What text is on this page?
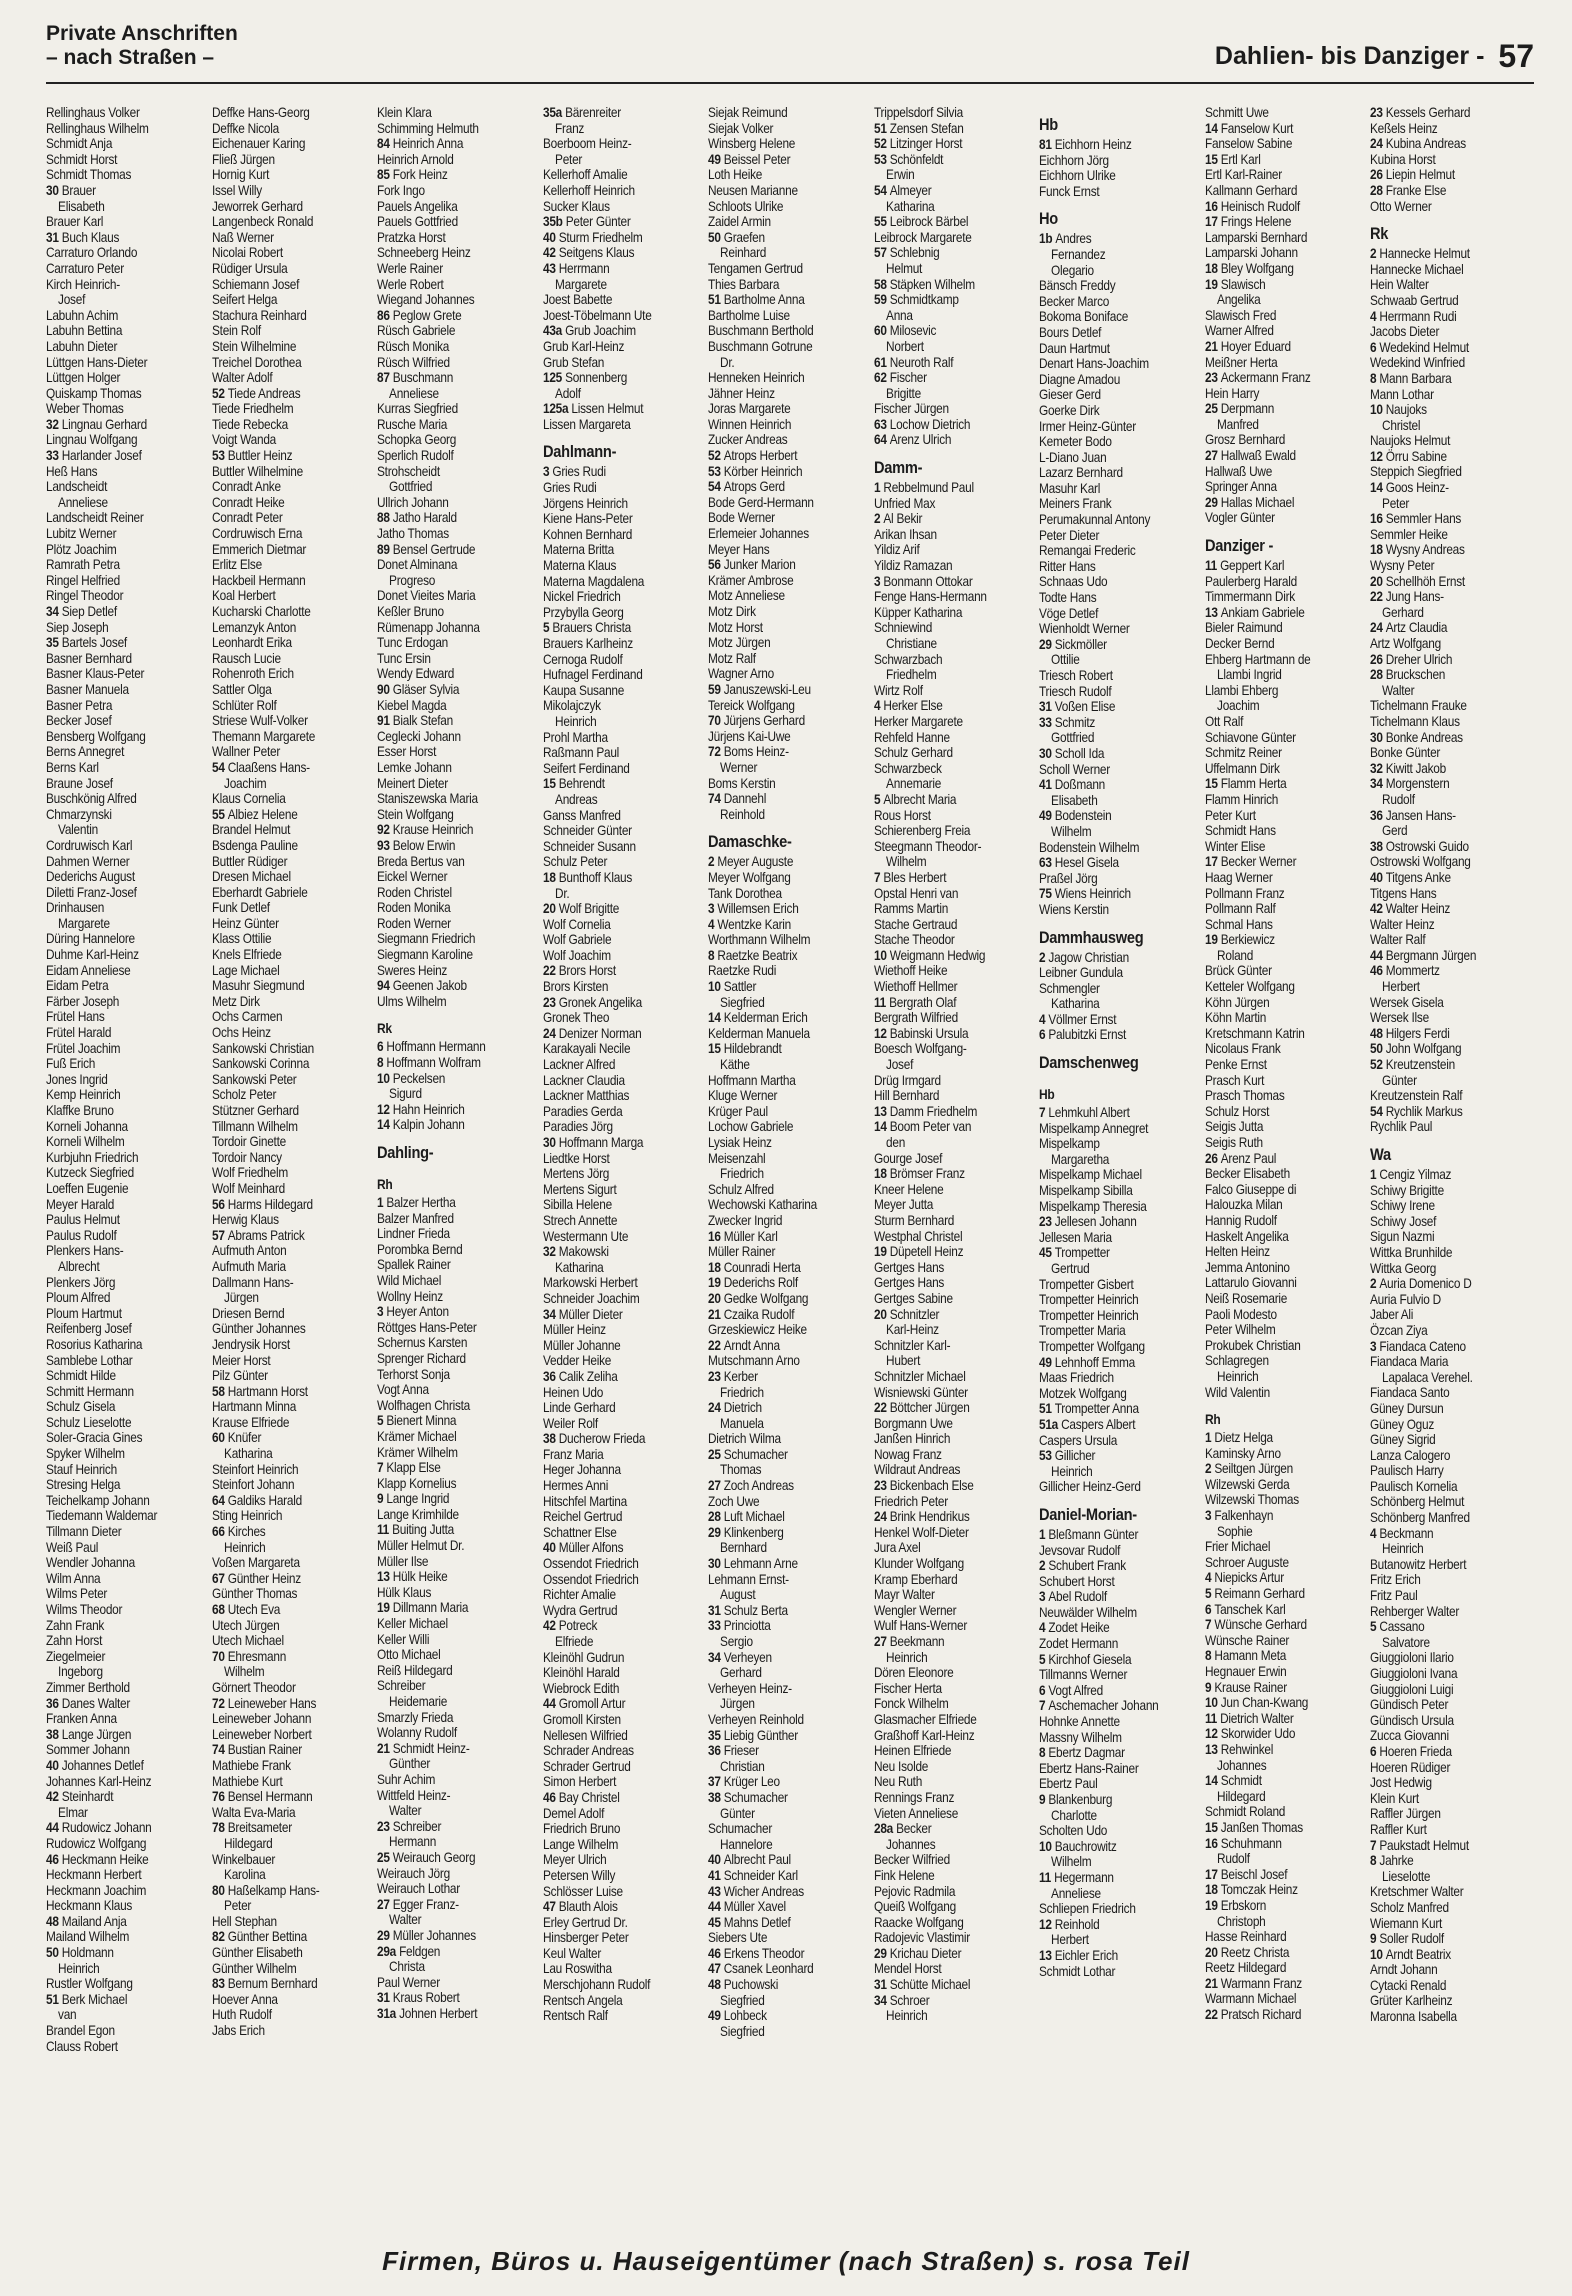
Private Anschriften
– nach Straßen –	Dahlien- bis Danziger - 57
Rellinghaus Volker
Rellinghaus Wilhelm
Schmidt Anja
Schmidt Horst
Schmidt Thomas
30 Brauer
Elisabeth
Brauer Karl
31 Buch Klaus
Carraturo Orlando
Carraturo Peter
Kirch Heinrich-
Josef
Labuhn Achim
Labuhn Bettina
Labuhn Dieter
Lüttgen Hans-Dieter
Lüttgen Holger
Quiskamp Thomas
Weber Thomas
32 Lingnau Gerhard
Lingnau Wolfgang
33 Harlander Josef
Heß Hans
Landscheidt
Anneliese
Landscheidt Reiner
Lubitz Werner
Plötz Joachim
Ramrath Petra
Ringel Helfried
Ringel Theodor
34 Siep Detlef
Siep Joseph
35 Bartels Josef
Basner Bernhard
Basner Klaus-Peter
Basner Manuela
Basner Petra
Becker Josef
Bensberg Wolfgang
Berns Annegret
Berns Karl
Braune Josef
Buschkönig Alfred
Chmarzynski
Valentin
Cordruwisch Karl
Dahmen Werner
Dederichs August
Diletti Franz-Josef
Drinhausen
Margarete
Düring Hannelore
Duhme Karl-Heinz
Eidam Anneliese
Eidam Petra
Färber Joseph
Frütel Hans
Frütel Harald
Frütel Joachim
Fuß Erich
Jones Ingrid
Kemp Heinrich
Klaffke Bruno
Korneli Johanna
Korneli Wilhelm
Kurbjuhn Friedrich
Kutzeck Siegfried
Loeffen Eugenie
Meyer Harald
Paulus Helmut
Paulus Rudolf
Plenkers Hans-
Albrecht
Plenkers Jörg
Ploum Alfred
Ploum Hartmut
Reifenberg Josef
Rosorius Katharina
Samblebe Lothar
Schmidt Hilde
Schmitt Hermann
Schulz Gisela
Schulz Lieselotte
Soler-Gracia Gines
Spyker Wilhelm
Stauf Heinrich
Stresing Helga
Teichelkamp Johann
Tiedemann Waldemar
Tillmann Dieter
Weiß Paul
Wendler Johanna
Wilm Anna
Wilms Peter
Wilms Theodor
Zahn Frank
Zahn Horst
Ziegelmeier
Ingeborg
Zimmer Berthold
36 Danes Walter
Franken Anna
38 Lange Jürgen
Sommer Johann
40 Johannes Detlef
Johannes Karl-Heinz
42 Steinhardt
Elmar
44 Rudowicz Johann
Rudowicz Wolfgang
46 Heckmann Heike
Heckmann Herbert
Heckmann Joachim
Heckmann Klaus
48 Mailand Anja
Mailand Wilhelm
50 Holdmann
Heinrich
Rustler Wolfgang
51 Berk Michael
van
Brandel Egon
Clauss Robert
Deffke Hans-Georg
Deffke Nicola
Eichenauer Karing
Fließ Jürgen
Hornig Kurt
Issel Willy
Jeworrek Gerhard
Langenbeck Ronald
Naß Werner
Nicolai Robert
Rüdiger Ursula
Schiemann Josef
Seifert Helga
Stachura Reinhard
Stein Rolf
Stein Wilhelmine
Treichel Dorothea
Walter Adolf
52 Tiede Andreas
Tiede Friedhelm
Tiede Rebecka
Voigt Wanda
53 Buttler Heinz
Buttler Wilhelmine
Conradt Anke
Conradt Heike
Conradt Peter
Cordruwisch Erna
Emmerich Dietmar
Erlitz Else
Hackbeil Hermann
Koal Herbert
Kucharski Charlotte
Lemanzyk Anton
Leonhardt Erika
Rausch Lucie
Rohenroth Erich
Sattler Olga
Schlüter Rolf
Striese Wulf-Volker
Themann Margarete
Wallner Peter
54 Claaßens Hans-
Joachim
Klaus Cornelia
55 Albiez Helene
Brandel Helmut
Bsdenga Pauline
Buttler Rüdiger
Dresen Michael
Eberhardt Gabriele
Funk Detlef
Heinz Günter
Klass Ottilie
Knels Elfriede
Lage Michael
Masuhr Siegmund
Metz Dirk
Ochs Carmen
Ochs Heinz
Sankowski Christian
Sankowski Corinna
Sankowski Peter
Scholz Peter
Stützner Gerhard
Tillmann Wilhelm
Tordoir Ginette
Tordoir Nancy
Wolf Friedhelm
Wolf Meinhard
56 Harms Hildegard
Herwig Klaus
57 Abrams Patrick
Aufmuth Anton
Aufmuth Maria
Dallmann Hans-
Jürgen
Driesen Bernd
Günther Johannes
Jendrysik Horst
Meier Horst
Pilz Günter
58 Hartmann Horst
Hartmann Minna
Krause Elfriede
60 Knüfer
Katharina
Steinfort Heinrich
Steinfort Johann
64 Galdiks Harald
Sting Heinrich
66 Kirches
Heinrich
Voßen Margareta
67 Günther Heinz
Günther Thomas
68 Utech Eva
Utech Jürgen
Utech Michael
70 Ehresmann
Wilhelm
Görnert Theodor
72 Leineweber Hans
Leineweber Johann
Leineweber Norbert
74 Bustian Rainer
Mathiebe Frank
Mathiebe Kurt
76 Bensel Hermann
Walta Eva-Maria
78 Breitsameter
Hildegard
Winkelbauer
Karolina
80 Haßelkamp Hans-
Peter
Hell Stephan
82 Günther Bettina
Günther Elisabeth
Günther Wilhelm
83 Bernum Bernhard
Hoever Anna
Huth Rudolf
Jabs Erich
Klein Klara
Schimming Helmuth
84 Heinrich Anna
Heinrich Arnold
85 Fork Heinz
Fork Ingo
Pauels Angelika
Pauels Gottfried
Pratzka Horst
Schneeberg Heinz
Werle Rainer
Werle Robert
Wiegand Johannes
86 Peglow Grete
Rüsch Gabriele
Rüsch Monika
Rüsch Wilfried
87 Buschmann
Anneliese
Kurras Siegfried
Rusche Maria
Schopka Georg
Sperlich Rudolf
Strohscheidt
Gottfried
Ullrich Johann
88 Jatho Harald
Jatho Thomas
89 Bensel Gertrude
Donet Alminana
Progreso
Donet Vieites Maria
Keßler Bruno
Rümenapp Johanna
Tunc Erdogan
Tunc Ersin
Wendy Edward
90 Gläser Sylvia
Kiebel Magda
91 Bialk Stefan
Ceglecki Johann
Esser Horst
Lemke Johann
Meinert Dieter
Staniszewska Maria
Stein Wolfgang
92 Krause Heinrich
93 Below Erwin
Breda Bertus van
Eickel Werner
Roden Christel
Roden Monika
Roden Werner
Siegmann Friedrich
Siegmann Karoline
Sweres Heinz
94 Geenen Jakob
Ulms Wilhelm
Rk
6 Hoffmann Hermann
8 Hoffmann Wolfram
10 Peckelsen
Sigurd
12 Hahn Heinrich
14 Kalpin Johann
Dahling-
Rh
1 Balzer Hertha
Balzer Manfred
Lindner Frieda
Porombka Bernd
Spallek Rainer
Wild Michael
Wollny Heinz
3 Heyer Anton
Röttges Hans-Peter
Schernus Karsten
Sprenger Richard
Terhorst Sonja
Vogt Anna
Wolfhagen Christa
5 Bienert Minna
Krämer Michael
Krämer Wilhelm
7 Klapp Else
Klapp Kornelius
9 Lange Ingrid
Lange Krimhilde
11 Buiting Jutta
Müller Helmut Dr.
Müller Ilse
13 Hülk Heike
Hülk Klaus
19 Dillmann Maria
Keller Michael
Keller Willi
Otto Michael
Reiß Hildegard
Schreiber
Heidemarie
Smarzly Frieda
Wolanny Rudolf
21 Schmidt Heinz-
Günther
Suhr Achim
Wittfeld Heinz-
Walter
23 Schreiber
Hermann
25 Weirauch Georg
Weirauch Jörg
Weirauch Lothar
27 Egger Franz-
Walter
29 Müller Johannes
29a Feldgen
Christa
Paul Werner
31 Kraus Robert
31a Johnen Herbert
35a Bärenreiter
Franz
Boerboom Heinz-
Peter
Kellerhoff Amalie
Kellerhoff Heinrich
Sucker Klaus
35b Peter Günter
40 Sturm Friedhelm
42 Seitgens Klaus
43 Herrmann
Margarete
Joest Babette
Joest-Töbelmann Ute
43a Grub Joachim
Grub Karl-Heinz
Grub Stefan
125 Sonnenberg
Adolf
125a Lissen Helmut
Lissen Margareta
Dahlmann-
3 Gries Rudi
Gries Rudi
Jörgens Heinrich
Kiene Hans-Peter
Kohnen Bernhard
Materna Britta
Materna Klaus
Materna Magdalena
Nickel Friedrich
Przybylla Georg
5 Brauers Christa
Brauers Karlheinz
Cernoga Rudolf
Hufnagel Ferdinand
Kaupa Susanne
Mikolajczyk
Heinrich
Prohl Martha
Raßmann Paul
Seifert Ferdinand
15 Behrendt
Andreas
Ganss Manfred
Schneider Günter
Schneider Susann
Schulz Peter
18 Bunthoff Klaus
Dr.
20 Wolf Brigitte
Wolf Cornelia
Wolf Gabriele
Wolf Joachim
22 Brors Horst
Brors Kirsten
23 Gronek Angelika
Gronek Theo
24 Denizer Norman
Karakayali Necile
Lackner Alfred
Lackner Claudia
Lackner Matthias
Paradies Gerda
Paradies Jörg
30 Hoffmann Marga
Liedtke Horst
Mertens Jörg
Mertens Sigurt
Sibilla Helene
Strech Annette
Westermann Ute
32 Makowski
Katharina
Markowski Herbert
Schneider Joachim
34 Müller Dieter
Müller Heinz
Müller Johanne
Vedder Heike
36 Calik Zeliha
Heinen Udo
Linde Gerhard
Weiler Rolf
38 Ducherow Frieda
Franz Maria
Heger Johanna
Hermes Anni
Hitschfel Martina
Reichel Gertrud
Schattner Else
40 Müller Alfons
Ossendot Friedrich
Ossendot Friedrich
Richter Amalie
Wydra Gertrud
42 Potreck
Elfriede
Kleinöhl Gudrun
Kleinöhl Harald
Wiebrock Edith
44 Gromoll Artur
Gromoll Kirsten
Nellesen Wilfried
Schrader Andreas
Schrader Gertrud
Simon Herbert
46 Bay Christel
Demel Adolf
Friedrich Bruno
Lange Wilhelm
Meyer Ulrich
Petersen Willy
Schlösser Luise
47 Blauth Alois
Erley Gertrud Dr.
Hinsberger Peter
Keul Walter
Lau Roswitha
Merschjohann Rudolf
Rentsch Angela
Rentsch Ralf
Siejak Reimund
Siejak Volker
Winsberg Helene
49 Beissel Peter
Loth Heike
Neusen Marianne
Schloots Ulrike
Zaidel Armin
50 Graefen
Reinhard
Tengamen Gertrud
Thies Barbara
51 Bartholme Anna
Bartholme Luise
Buschmann Berthold
Buschmann Gotrune
Dr.
Henneken Heinrich
Jähner Heinz
Joras Margarete
Winnen Heinrich
Zucker Andreas
52 Atrops Herbert
53 Körber Heinrich
54 Atrops Gerd
Bode Gerd-Hermann
Bode Werner
Erlemeier Johannes
Meyer Hans
56 Junker Marion
Krämer Ambrose
Motz Anneliese
Motz Dirk
Motz Horst
Motz Jürgen
Motz Ralf
Wagner Arno
59 Januszewski-Leu
Tereick Wolfgang
70 Jürjens Gerhard
Jürjens Kai-Uwe
72 Boms Heinz-
Werner
Boms Kerstin
74 Dannehl
Reinhold
Damaschke-
2 Meyer Auguste
Meyer Wolfgang
Tank Dorothea
3 Willemsen Erich
4 Wentzke Karin
Worthmann Wilhelm
8 Raetzke Beatrix
Raetzke Rudi
10 Sattler
Siegfried
14 Kelderman Erich
Kelderman Manuela
15 Hildebrandt
Käthe
Hoffmann Martha
Kluge Werner
Krüger Paul
Lochow Gabriele
Lysiak Heinz
Meisenzahl
Friedrich
Schulz Alfred
Wechowski Katharina
Zwecker Ingrid
16 Müller Karl
Müller Rainer
18 Counradi Herta
19 Dederichs Rolf
20 Gedke Wolfgang
21 Czaika Rudolf
Grzeskiewicz Heike
22 Arndt Anna
Mutschmann Arno
23 Kerber
Friedrich
24 Dietrich
Manuela
Dietrich Wilma
25 Schumacher
Thomas
27 Zoch Andreas
Zoch Uwe
28 Luft Michael
29 Klinkenberg
Bernhard
30 Lehmann Arne
Lehmann Ernst-
August
31 Schulz Berta
33 Princiotta
Sergio
34 Verheyen
Gerhard
Verheyen Heinz-
Jürgen
Verheyen Reinhold
35 Liebig Günther
36 Frieser
Christian
37 Krüger Leo
38 Schumacher
Günter
Schumacher
Hannelore
40 Albrecht Paul
41 Schneider Karl
43 Wicher Andreas
44 Müller Xavel
45 Mahns Detlef
Siebers Ute
46 Erkens Theodor
47 Csanek Leonhard
48 Puchowski
Siegfried
49 Lohbeck
Siegfried
Trippelsdorf Silvia
51 Zensen Stefan
52 Litzinger Horst
53 Schönfeldt
Erwin
54 Almeyer
Katharina
55 Leibrock Bärbel
Leibrock Margarete
57 Schlebnig
Helmut
58 Stäpken Wilhelm
59 Schmidtkamp
Anna
60 Milosevic
Norbert
61 Neuroth Ralf
62 Fischer
Brigitte
Fischer Jürgen
63 Lochow Dietrich
64 Arenz Ulrich
Damm-
1 Rebbelmund Paul
Unfried Max
2 Al Bekir
Arikan Ihsan
Yildiz Arif
Yildiz Ramazan
3 Bonmann Ottokar
Fenge Hans-Hermann
Küpper Katharina
Schniewind
Christiane
Schwarzbach
Friedhelm
Wirtz Rolf
4 Herker Else
Herker Margarete
Rehfeld Hanne
Schulz Gerhard
Schwarzbeck
Annemarie
5 Albrecht Maria
Rous Horst
Schierenberg Freia
Steegmann Theodor-
Wilhelm
7 Bles Herbert
Opstal Henri van
Ramms Martin
Stache Gertraud
Stache Theodor
10 Weigmann Hedwig
Wiethoff Heike
Wiethoff Hellmer
11 Bergrath Olaf
Bergrath Wilfried
12 Babinski Ursula
Boesch Wolfgang-
Josef
Drüg Irmgard
Hill Bernhard
13 Damm Friedhelm
14 Boom Peter van
den
Gourge Josef
18 Brömser Franz
Kneer Helene
Meyer Jutta
Sturm Bernhard
Westphal Christel
19 Düpetell Heinz
Gertges Hans
Gertges Hans
Gertges Sabine
20 Schnitzler
Karl-Heinz
Schnitzler Karl-
Hubert
Schnitzler Michael
Wisniewski Günter
22 Böttcher Jürgen
Borgmann Uwe
Janßen Hinrich
Nowag Franz
Wildraut Andreas
23 Bickenbach Else
Friedrich Peter
24 Brink Hendrikus
Henkel Wolf-Dieter
Jura Axel
Klunder Wolfgang
Kramp Eberhard
Mayr Walter
Wengler Werner
Wulf Hans-Werner
27 Beekmann
Heinrich
Dören Eleonore
Fischer Herta
Fonck Wilhelm
Glasmacher Elfriede
Graßhoff Karl-Heinz
Heinen Elfriede
Neu Isolde
Neu Ruth
Rennings Franz
Vieten Anneliese
28a Becker
Johannes
Becker Wilfried
Fink Helene
Pejovic Radmila
Queiß Wolfgang
Raacke Wolfgang
Radojevic Vlastimir
29 Krichau Dieter
Mendel Horst
31 Schütte Michael
34 Schroer
Heinrich
Hb
81 Eichhorn Heinz
Eichhorn Jörg
Eichhorn Ulrike
Funck Ernst
Ho
1b Andres
Fernandez
Olegario
Bänsch Freddy
Becker Marco
Bokoma Boniface
Bours Detlef
Daun Hartmut
Denart Hans-Joachim
Diagne Amadou
Gieser Gerd
Goerke Dirk
Irmer Heinz-Günter
Kemeter Bodo
L-Diano Juan
Lazarz Bernhard
Masuhr Karl
Meiners Frank
Perumakunnal Antony
Peter Dieter
Remangai Frederic
Ritter Hans
Schnaas Udo
Todte Hans
Vöge Detlef
Wienholdt Werner
29 Sickmöller
Ottilie
Triesch Robert
Triesch Rudolf
31 Voßen Elise
33 Schmitz
Gottfried
30 Scholl Ida
Scholl Werner
41 Doßmann
Elisabeth
49 Bodenstein
Wilhelm
Bodenstein Wilhelm
63 Hesel Gisela
Praßel Jörg
75 Wiens Heinrich
Wiens Kerstin
Dammhausweg
2 Jagow Christian
Leibner Gundula
Schmengler
Katharina
4 Völlmer Ernst
6 Palubitzki Ernst
Damschenweg
Hb
7 Lehmkuhl Albert
Mispelkamp Annegret
Mispelkamp
Margaretha
Mispelkamp Michael
Mispelkamp Sibilla
Mispelkamp Theresia
23 Jellesen Johann
Jellesen Maria
45 Trompetter
Gertrud
Trompetter Gisbert
Trompetter Heinrich
Trompetter Heinrich
Trompetter Maria
Trompetter Wolfgang
49 Lehnhoff Emma
Maas Friedrich
Motzek Wolfgang
51 Trompetter Anna
51a Caspers Albert
Caspers Ursula
53 Gillicher
Heinrich
Gillicher Heinz-Gerd
Daniel-Morian-
1 Bleßmann Günter
Jevsovar Rudolf
2 Schubert Frank
Schubert Horst
3 Abel Rudolf
Neuwälder Wilhelm
4 Zodet Heike
Zodet Hermann
5 Kirchhof Giesela
Tillmanns Werner
6 Vogt Alfred
7 Aschemacher Johann
Hohnke Annette
Massny Wilhelm
8 Ebertz Dagmar
Ebertz Hans-Rainer
Ebertz Paul
9 Blankenburg
Charlotte
Scholten Udo
10 Bauchrowitz
Wilhelm
11 Hegermann
Anneliese
Schliepen Friedrich
12 Reinhold
Herbert
13 Eichler Erich
Schmidt Lothar
Schmitt Uwe
14 Fanselow Kurt
Fanselow Sabine
15 Ertl Karl
Ertl Karl-Rainer
Kallmann Gerhard
16 Heinisch Rudolf
17 Frings Helene
Lamparski Bernhard
Lamparski Johann
18 Bley Wolfgang
19 Slawisch
Angelika
Slawisch Fred
Warner Alfred
21 Hoyer Eduard
Meißner Herta
23 Ackermann Franz
Hein Harry
25 Derpmann
Manfred
Grosz Bernhard
27 Hallwaß Ewald
Hallwaß Uwe
Springer Anna
29 Hallas Michael
Vogler Günter
Danziger -
11 Geppert Karl
Paulerberg Harald
Timmermann Dirk
13 Ankiam Gabriele
Bieler Raimund
Decker Bernd
Ehberg Hartmann de
Llambi Ingrid
Llambi Ehberg
Joachim
Ott Ralf
Schiavone Günter
Schmitz Reiner
Uffelmann Dirk
15 Flamm Herta
Flamm Hinrich
Peter Kurt
Schmidt Hans
Winter Elise
17 Becker Werner
Haag Werner
Pollmann Franz
Pollmann Ralf
Schmal Hans
19 Berkiewicz
Roland
Brück Günter
Ketteler Wolfgang
Köhn Jürgen
Köhn Martin
Kretschmann Katrin
Nicolaus Frank
Penke Ernst
Prasch Kurt
Prasch Thomas
Schulz Horst
Seigis Jutta
Seigis Ruth
26 Arenz Paul
Becker Elisabeth
Falco Giuseppe di
Halouzka Milan
Hannig Rudolf
Haskelt Angelika
Helten Heinz
Jemma Antonino
Lattarulo Giovanni
Neiß Rosemarie
Paoli Modesto
Peter Wilhelm
Prokubek Christian
Schlagregen
Heinrich
Wild Valentin
Rh
1 Dietz Helga
Kaminsky Arno
2 Seiltgen Jürgen
Wilzewski Gerda
Wilzewski Thomas
3 Falkenhayn
Sophie
Frier Michael
Schroer Auguste
4 Niepicks Artur
5 Reimann Gerhard
6 Tanschek Karl
7 Wünsche Gerhard
Wünsche Rainer
8 Hamann Meta
Hegnauer Erwin
9 Krause Rainer
10 Jun Chan-Kwang
11 Dietrich Walter
12 Skorwider Udo
13 Rehwinkel
Johannes
14 Schmidt
Hildegard
Schmidt Roland
15 Janßen Thomas
16 Schuhmann
Rudolf
17 Beischl Josef
18 Tomczak Heinz
19 Erbskorn
Christoph
Hasse Reinhard
20 Reetz Christa
Reetz Hildegard
21 Warmann Franz
Warmann Michael
22 Pratsch Richard
23 Kessels Gerhard
Keßels Heinz
24 Kubina Andreas
Kubina Horst
26 Liepin Helmut
28 Franke Else
Otto Werner
Rk
2 Hannecke Helmut
Hannecke Michael
Hein Walter
Schwaab Gertrud
4 Herrmann Rudi
Jacobs Dieter
6 Wedekind Helmut
Wedekind Winfried
8 Mann Barbara
Mann Lothar
10 Naujoks
Christel
Naujoks Helmut
12 Örru Sabine
Steppich Siegfried
14 Goos Heinz-
Peter
16 Semmler Hans
Semmler Heike
18 Wysny Andreas
Wysny Peter
20 Schellhöh Ernst
22 Jung Hans-
Gerhard
24 Artz Claudia
Artz Wolfgang
26 Dreher Ulrich
28 Bruckschen
Walter
Tichelmann Frauke
Tichelmann Klaus
30 Bonke Andreas
Bonke Günter
32 Kiwitt Jakob
34 Morgenstern
Rudolf
36 Jansen Hans-
Gerd
38 Ostrowski Guido
Ostrowski Wolfgang
40 Titgens Anke
Titgens Hans
42 Walter Heinz
Walter Heinz
Walter Ralf
44 Bergmann Jürgen
46 Mommertz
Herbert
Wersek Gisela
Wersek Ilse
48 Hilgers Ferdi
50 John Wolfgang
52 Kreutzenstein
Günter
Kreutzenstein Ralf
54 Rychlik Markus
Rychlik Paul
Wa
1 Cengiz Yilmaz
Schiwy Brigitte
Schiwy Irene
Schiwy Josef
Sigun Nazmi
Wittka Brunhilde
Wittka Georg
2 Auria Domenico D
Auria Fulvio D
Jaber Ali
Özcan Ziya
3 Fiandaca Cateno
Fiandaca Maria
Lapalaca Verehel.
Fiandaca Santo
Güney Dursun
Güney Oguz
Güney Sigrid
Lanza Calogero
Paulisch Harry
Paulisch Kornelia
Schönberg Helmut
Schönberg Manfred
4 Beckmann
Heinrich
Butanowitz Herbert
Fritz Erich
Fritz Paul
Rehberger Walter
5 Cassano
Salvatore
Giuggioloni Ilario
Giuggioloni Ivana
Giuggioloni Luigi
Gündisch Peter
Gündisch Ursula
Zucca Giovanni
6 Hoeren Frieda
Hoeren Rüdiger
Jost Hedwig
Klein Kurt
Raffler Jürgen
Raffler Kurt
7 Paukstadt Helmut
8 Jahrke
Lieselotte
Kretschmer Walter
Scholz Manfred
Wiemann Kurt
9 Soller Rudolf
10 Arndt Beatrix
Arndt Johann
Cytacki Renald
Grüter Karlheinz
Maronna Isabella
Firmen, Büros u. Hauseigentümer (nach Straßen) s. rosa Teil
